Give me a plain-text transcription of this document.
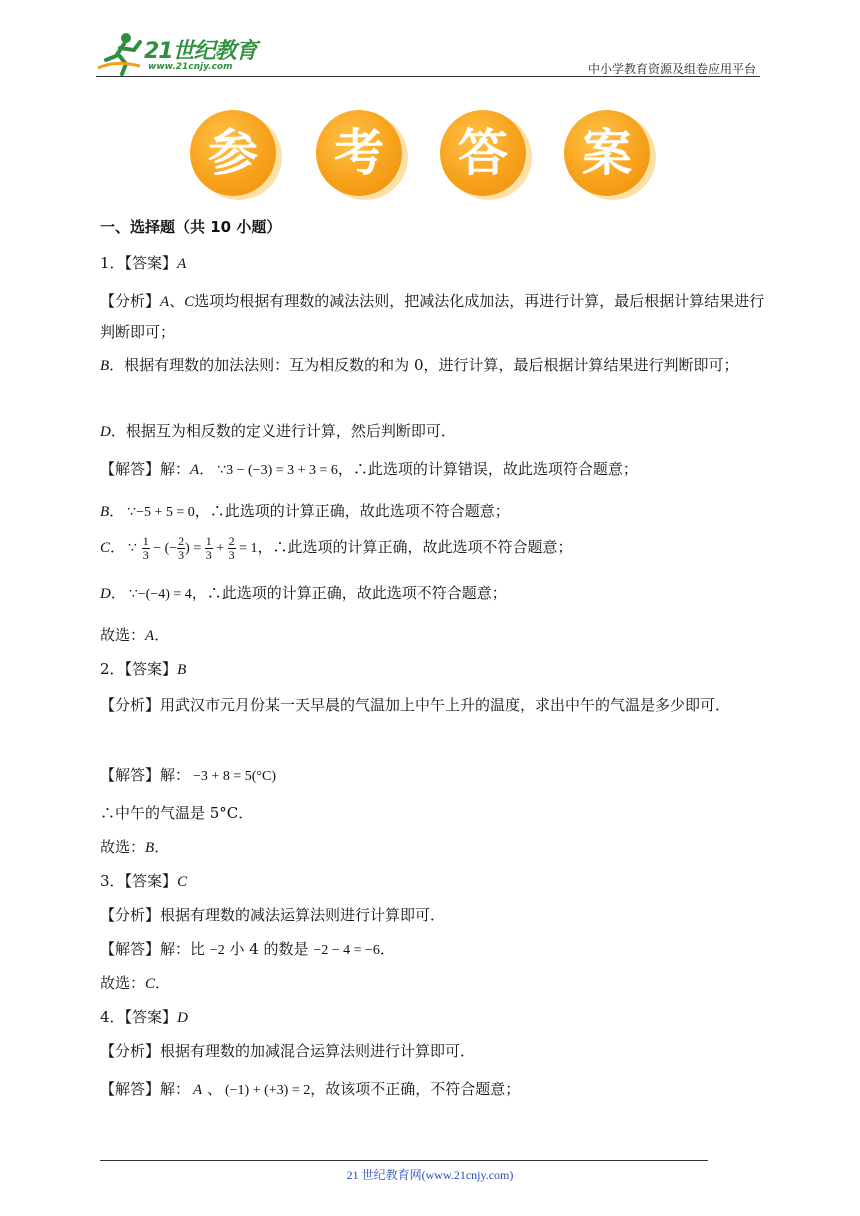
21世纪教育
www.21cnjy.com	中小学教育资源及组卷应用平台
参 考 答 案
一、选择题（共 10 小题）
1．【答案】A
【分析】A、C选项均根据有理数的减法法则，把减法化成加法，再进行计算，最后根据计算结果进行判断即可；
B．根据有理数的加法法则：互为相反数的和为 0，进行计算，最后根据计算结果进行判断即可；
D．根据互为相反数的定义进行计算，然后判断即可．
【解答】解：A． ∵3 − (−3) = 3 + 3 = 6，∴此选项的计算错误，故此选项符合题意；
B． ∵−5 + 5 = 0，∴此选项的计算正确，故此选项不符合题意；
C． ∵ $\frac{1}{3}$ − (− $\frac{2}{3}$ ) = $\frac{1}{3} + \frac{2}{3} = 1$，∴此选项的计算正确，故此选项不符合题意；
D． ∵−(−4) = 4，∴此选项的计算正确，故此选项不符合题意；
故选：A．
2．【答案】B
【分析】用武汉市元月份某一天早晨的气温加上中午上升的温度，求出中午的气温是多少即可．
【解答】解：  −3 + 8 = 5(°C)
∴中午的气温是 5°C．
故选：B．
3．【答案】C
【分析】根据有理数的减法运算法则进行计算即可．
【解答】解：比 −2 小 4 的数是 −2 − 4 = −6．
故选：C．
4．【答案】D
【分析】根据有理数的加减混合运算法则进行计算即可．
【解答】解：  A 、  (−1) + (+3) = 2，故该项不正确，不符合题意；
21 世纪教育网(www.21cnjy.com)
